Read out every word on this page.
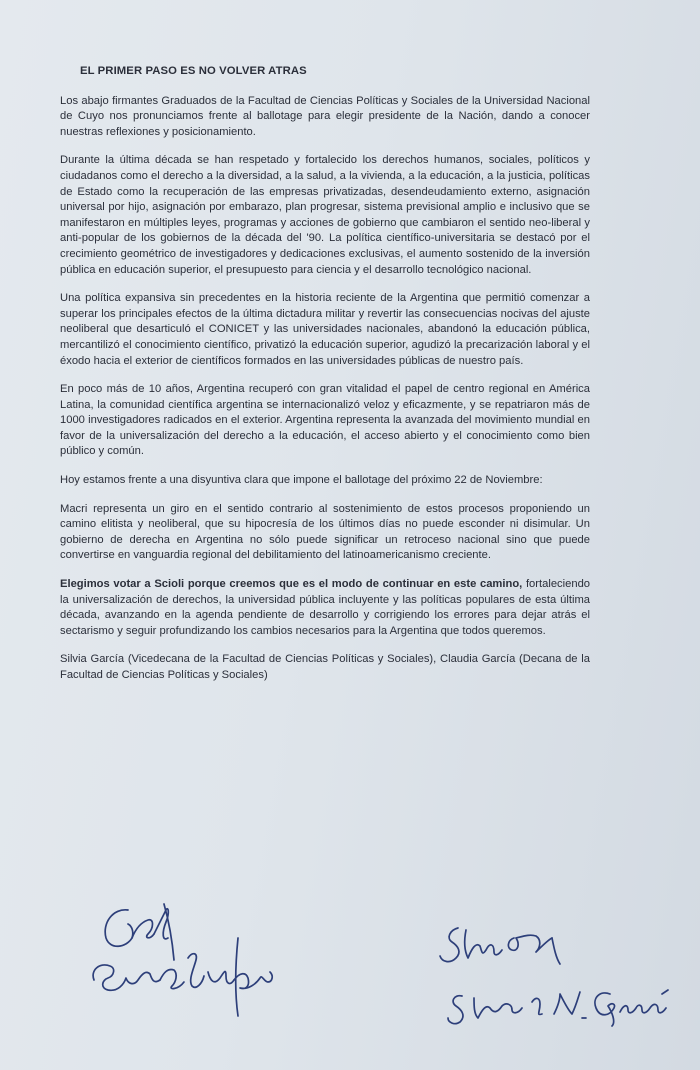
EL PRIMER PASO ES NO VOLVER ATRAS

Los abajo firmantes Graduados de la Facultad de Ciencias Políticas y Sociales de la Universidad Nacional de Cuyo nos pronunciamos frente al ballotage para elegir presidente de la Nación, dando a conocer nuestras reflexiones y posicionamiento.

Durante la última década se han respetado y fortalecido los derechos humanos, sociales, políticos y ciudadanos como el derecho a la diversidad, a la salud, a la vivienda, a la educación, a la justicia, políticas de Estado como la recuperación de las empresas privatizadas, desendeudamiento externo, asignación universal por hijo, asignación por embarazo, plan progresar, sistema previsional amplio e inclusivo que se manifestaron en múltiples leyes, programas y acciones de gobierno que cambiaron el sentido neo-liberal y anti-popular de los gobiernos de la década del '90. La política científico-universitaria se destacó por el crecimiento geométrico de investigadores y dedicaciones exclusivas, el aumento sostenido de la inversión pública en educación superior, el presupuesto para ciencia y el desarrollo tecnológico nacional.

Una política expansiva sin precedentes en la historia reciente de la Argentina que permitió comenzar a superar los principales efectos de la última dictadura militar y revertir las consecuencias nocivas del ajuste neoliberal que desarticuló el CONICET y las universidades nacionales, abandonó la educación pública, mercantilizó el conocimiento científico, privatizó la educación superior, agudizó la precarización laboral y el éxodo hacia el exterior de científicos formados en las universidades públicas de nuestro país.

En poco más de 10 años, Argentina recuperó con gran vitalidad el papel de centro regional en América Latina, la comunidad científica argentina se internacionalizó veloz y eficazmente, y se repatriaron más de 1000 investigadores radicados en el exterior. Argentina representa la avanzada del movimiento mundial en favor de la universalización del derecho a la educación, el acceso abierto y el conocimiento como bien público y común.

Hoy estamos frente a una disyuntiva clara que impone el ballotage del próximo 22 de Noviembre:

Macri representa un giro en el sentido contrario al sostenimiento de estos procesos proponiendo un camino elitista y neoliberal, que su hipocresía de los últimos días no puede esconder ni disimular. Un gobierno de derecha en Argentina no sólo puede significar un retroceso nacional sino que puede convertirse en vanguardia regional del debilitamiento del latinoamericanismo creciente.

Elegimos votar a Scioli porque creemos que es el modo de continuar en este camino, fortaleciendo la universalización de derechos, la universidad pública incluyente y las políticas populares de esta última década, avanzando en la agenda pendiente de desarrollo y corrigiendo los errores para dejar atrás el sectarismo y seguir profundizando los cambios necesarios para la Argentina que todos queremos.

Silvia García (Vicedecana de la Facultad de Ciencias Políticas y Sociales), Claudia García (Decana de la Facultad de Ciencias Políticas y Sociales)
